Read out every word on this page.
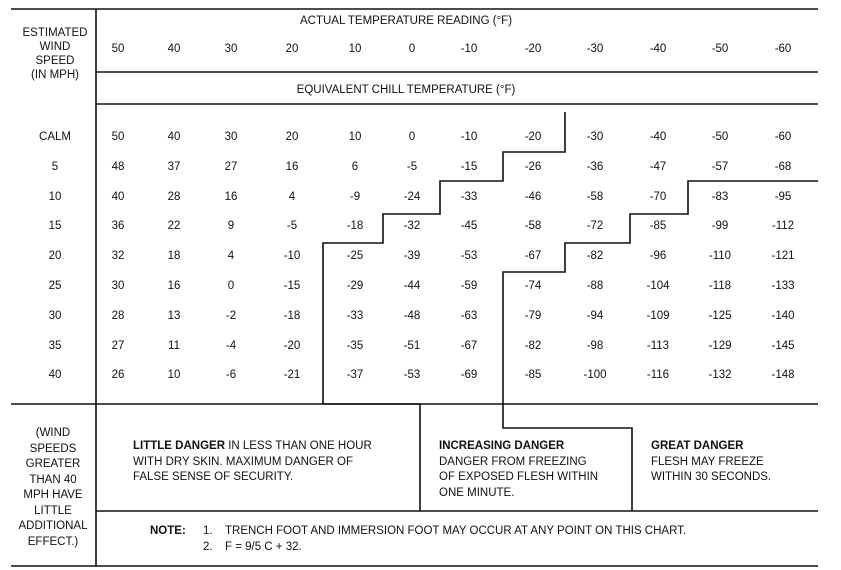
ESTIMATED
WIND
SPEED
(IN MPH)
ACTUAL TEMPERATURE READING (°F)
EQUIVALENT CHILL TEMPERATURE (°F)
50	40	30	20	10	0	-10	-20	-30	-40	-50	-60
CALM	50	40	30	20	10	0	-10	-20	-30	-40	-50	-60
5	48	37	27	16	6	-5	-15	-26	-36	-47	-57	-68
10	40	28	16	4	-9	-24	-33	-46	-58	-70	-83	-95
15	36	22	9	-5	-18	-32	-45	-58	-72	-85	-99	-112
20	32	18	4	-10	-25	-39	-53	-67	-82	-96	-110	-121
25	30	16	0	-15	-29	-44	-59	-74	-88	-104	-118	-133
30	28	13	-2	-18	-33	-48	-63	-79	-94	-109	-125	-140
35	27	11	-4	-20	-35	-51	-67	-82	-98	-113	-129	-145
40	26	10	-6	-21	-37	-53	-69	-85	-100	-116	-132	-148
(WIND
SPEEDS
GREATER
THAN 40
MPH HAVE
LITTLE
ADDITIONAL
EFFECT.)
LITTLE DANGER IN LESS THAN ONE HOUR
WITH DRY SKIN. MAXIMUM DANGER OF
FALSE SENSE OF SECURITY.
INCREASING DANGER
DANGER FROM FREEZING
OF EXPOSED FLESH WITHIN
ONE MINUTE.
GREAT DANGER
FLESH MAY FREEZE
WITHIN 30 SECONDS.
NOTE: 1. TRENCH FOOT AND IMMERSION FOOT MAY OCCUR AT ANY POINT ON THIS CHART.
2. F = 9/5 C + 32.
